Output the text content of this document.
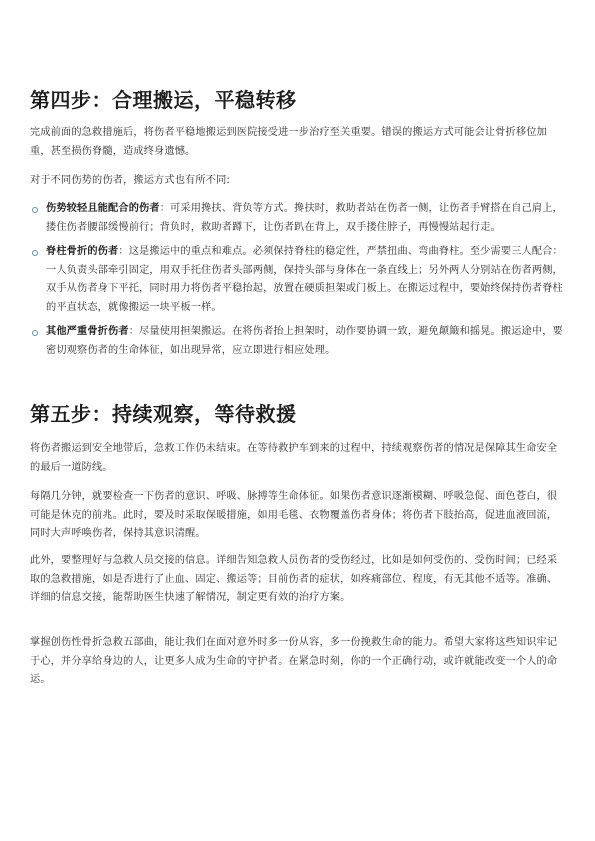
第四步：合理搬运，平稳转移

完成前面的急救措施后，将伤者平稳地搬运到医院接受进一步治疗至关重要。错误的搬运方式可能会让骨折移位加重，甚至损伤脊髓，造成终身遗憾。

对于不同伤势的伤者，搬运方式也有所不同:

伤势较轻且能配合的伤者：可采用搀扶、背负等方式。搀扶时，救助者站在伤者一侧，让伤者手臂搭在自己肩上，搂住伤者腰部缓慢前行；背负时，救助者蹲下，让伤者趴在背上，双手搂住脖子，再慢慢站起行走。
脊柱骨折的伤者：这是搬运中的重点和难点。必须保持脊柱的稳定性，严禁扭曲、弯曲脊柱。至少需要三人配合：一人负责头部牵引固定，用双手托住伤者头部两侧，保持头部与身体在一条直线上；另外两人分别站在伤者两侧，双手从伤者身下平托，同时用力将伤者平稳抬起，放置在硬质担架或门板上。在搬运过程中，要始终保持伤者脊柱的平直状态，就像搬运一块平板一样。
其他严重骨折伤者：尽量使用担架搬运。在将伤者抬上担架时，动作要协调一致，避免颠簸和摇晃。搬运途中，要密切观察伤者的生命体征，如出现异常，应立即进行相应处理。
第五步：持续观察，等待救援

将伤者搬运到安全地带后，急救工作仍未结束。在等待救护车到来的过程中，持续观察伤者的情况是保障其生命安全的最后一道防线。

每隔几分钟，就要检查一下伤者的意识、呼吸、脉搏等生命体征。如果伤者意识逐渐模糊、呼吸急促、面色苍白，很可能是休克的前兆。此时，要及时采取保暖措施，如用毛毯、衣物覆盖伤者身体；将伤者下肢抬高，促进血液回流，同时大声呼唤伤者，保持其意识清醒。

此外，要整理好与急救人员交接的信息。详细告知急救人员伤者的受伤经过，比如是如何受伤的、受伤时间；已经采取的急救措施，如是否进行了止血、固定、搬运等；目前伤者的症状，如疼痛部位、程度，有无其他不适等。准确、详细的信息交接，能帮助医生快速了解情况，制定更有效的治疗方案。

掌握创伤性骨折急救五部曲，能让我们在面对意外时多一份从容，多一份挽救生命的能力。希望大家将这些知识牢记于心，并分享给身边的人，让更多人成为生命的守护者。在紧急时刻，你的一个正确行动，或许就能改变一个人的命运。
